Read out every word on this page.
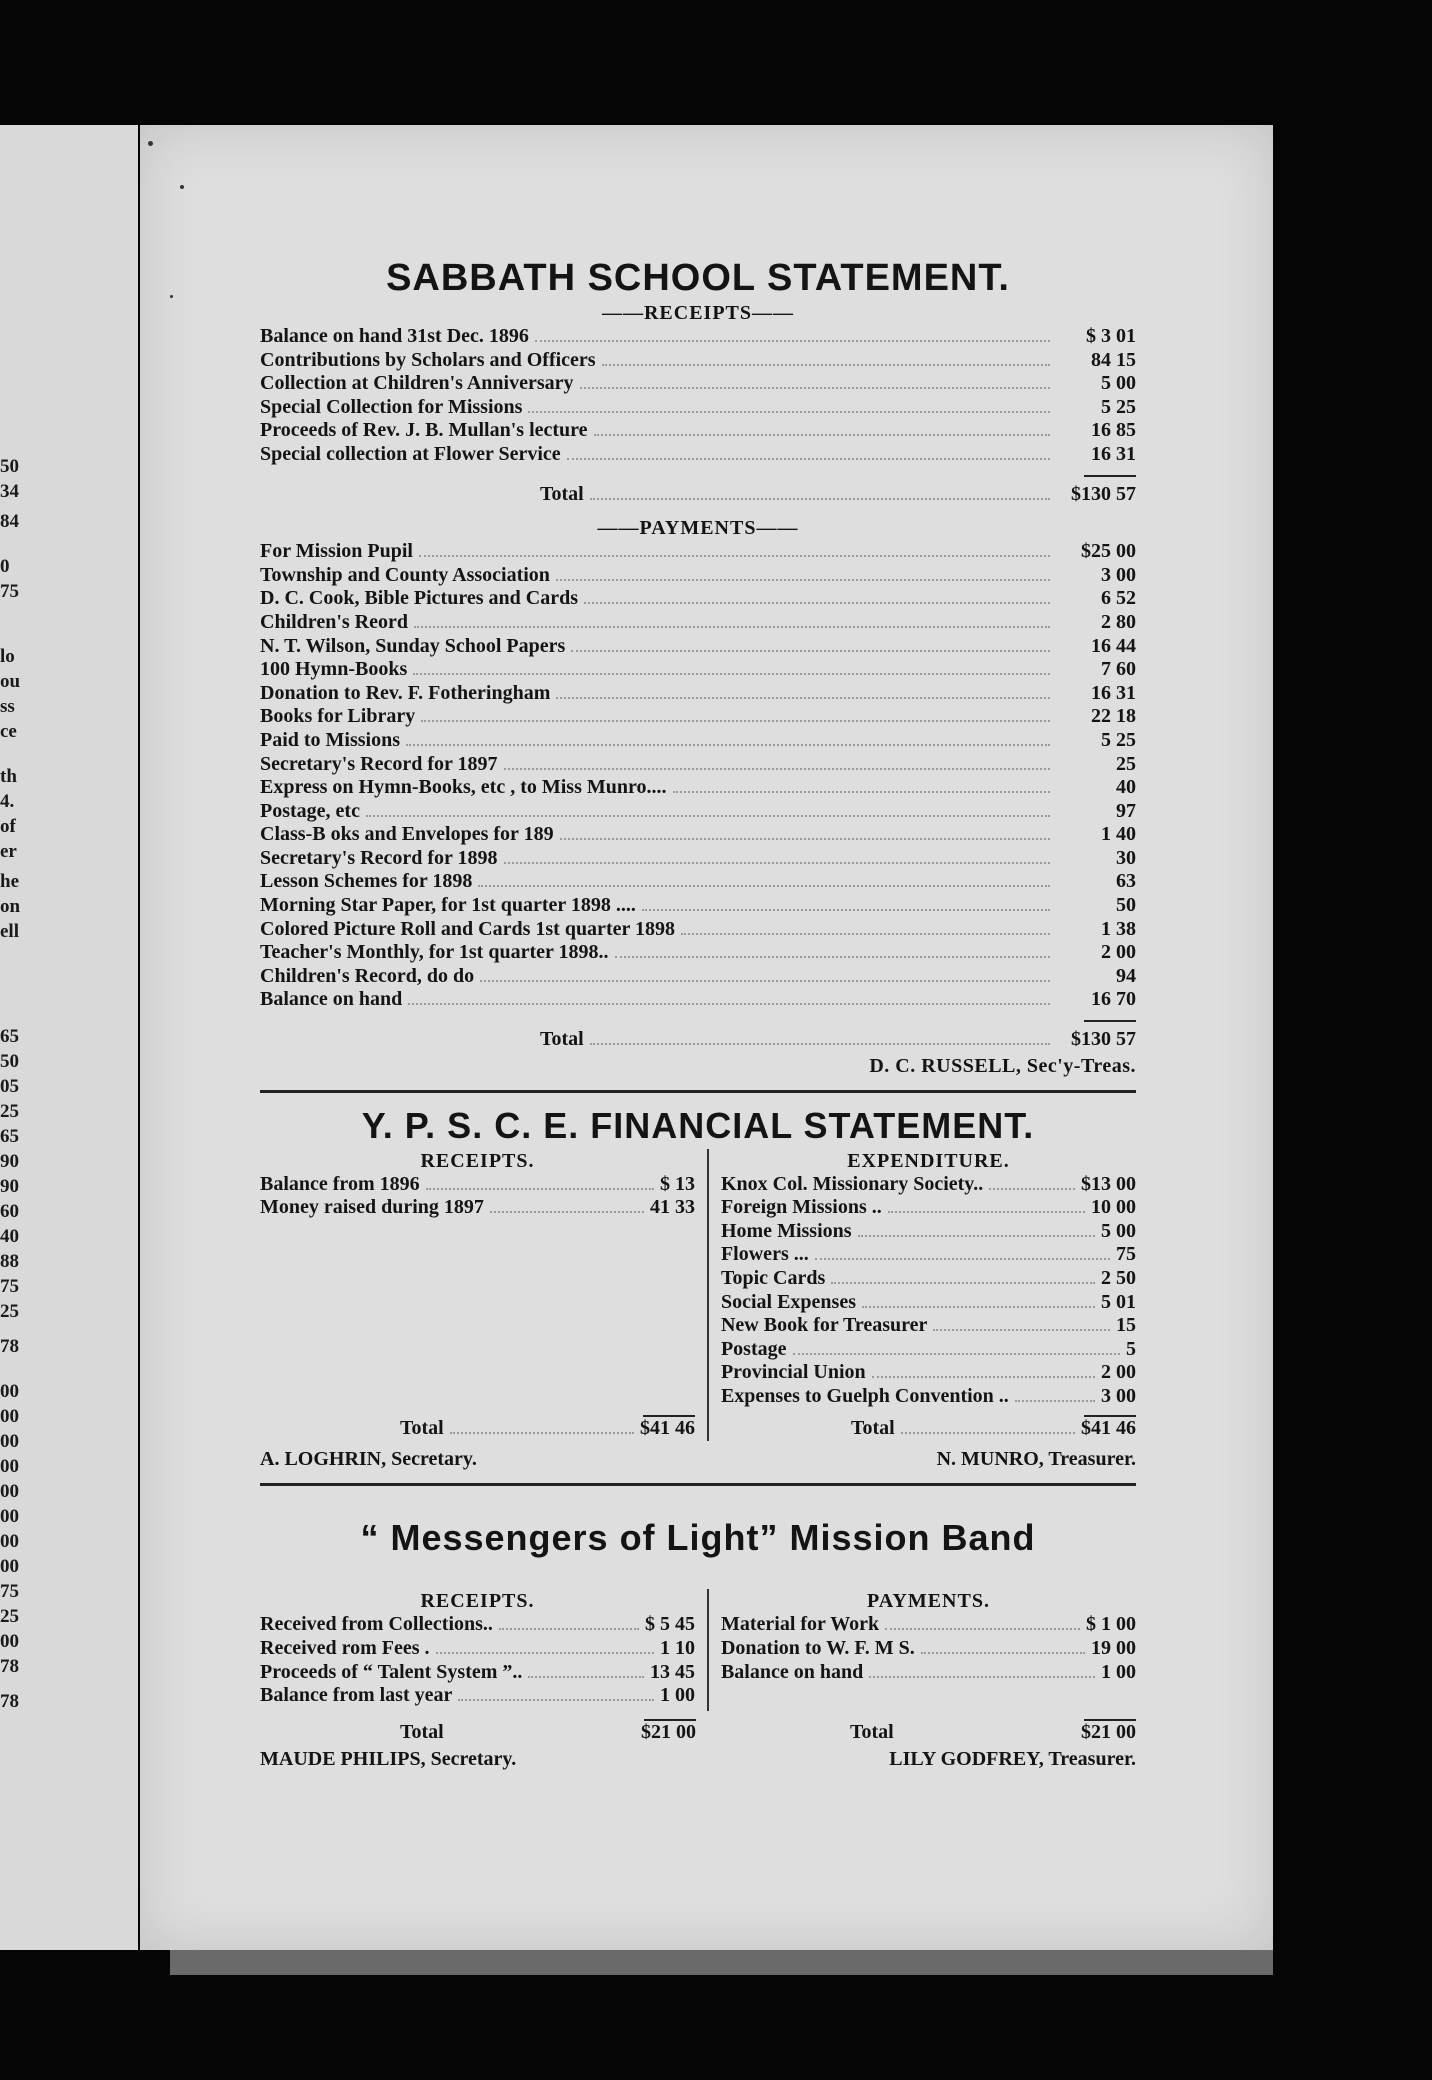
50
34
84
0
75
lo
ou
ss
ce
th
4.
of
er
he
on
ell
65
50
05
25
65
90
90
60
40
88
75
25
78
00
00
00
00
00
00
00
00
75
25
00
78
78
SABBATH SCHOOL STATEMENT.
——RECEIPTS——
Balance on hand 31st Dec. 1896	$ 3 01
Contributions by Scholars and Officers	84 15
Collection at Children's Anniversary	5 00
Special Collection for Missions	5 25
Proceeds of Rev. J. B. Mullan's lecture	16 85
Special collection at Flower Service	16 31
Total	$130 57
——PAYMENTS——
For Mission Pupil	$25 00
Township and County Association	3 00
D. C. Cook, Bible Pictures and Cards	6 52
Children's Reord	2 80
N. T. Wilson, Sunday School Papers	16 44
100 Hymn-Books	7 60
Donation to Rev. F. Fotheringham	16 31
Books for Library	22 18
Paid to Missions	5 25
Secretary's Record for 1897	25
Express on Hymn-Books, etc , to Miss Munro....	40
Postage, etc	97
Class-B oks and Envelopes for 189	1 40
Secretary's Record for 1898	30
Lesson Schemes for 1898	63
Morning Star Paper, for 1st quarter 1898 ....	50
Colored Picture Roll and Cards 1st quarter 1898	1 38
Teacher's Monthly, for 1st quarter 1898..	2 00
Children's Record, do do	94
Balance on hand	16 70
Total	$130 57
D. C. RUSSELL, Sec'y-Treas.
Y. P. S. C. E. FINANCIAL STATEMENT.
RECEIPTS.
Balance from 1896	$ 13
Money raised during 1897	41 33
Total	$41 46
EXPENDITURE.
Knox Col. Missionary Society..	$13 00
Foreign Missions ..	10 00
Home Missions	5 00
Flowers ...	75
Topic Cards	2 50
Social Expenses	5 01
New Book for Treasurer	15
Postage	5
Provincial Union	2 00
Expenses to Guelph Convention ..	3 00
Total	$41 46
A. LOGHRIN, Secretary.	N. MUNRO, Treasurer.
“ Messengers of Light” Mission Band
RECEIPTS.
Received from Collections..	$ 5 45
Received rom Fees .	1 10
Proceeds of “ Talent System ”..	13 45
Balance from last year	1 00
PAYMENTS.
Material for Work	$ 1 00
Donation to W. F. M S.	19 00
Balance on hand	1 00
Total	$21 00	Total	$21 00
MAUDE PHILIPS, Secretary.	LILY GODFREY, Treasurer.
